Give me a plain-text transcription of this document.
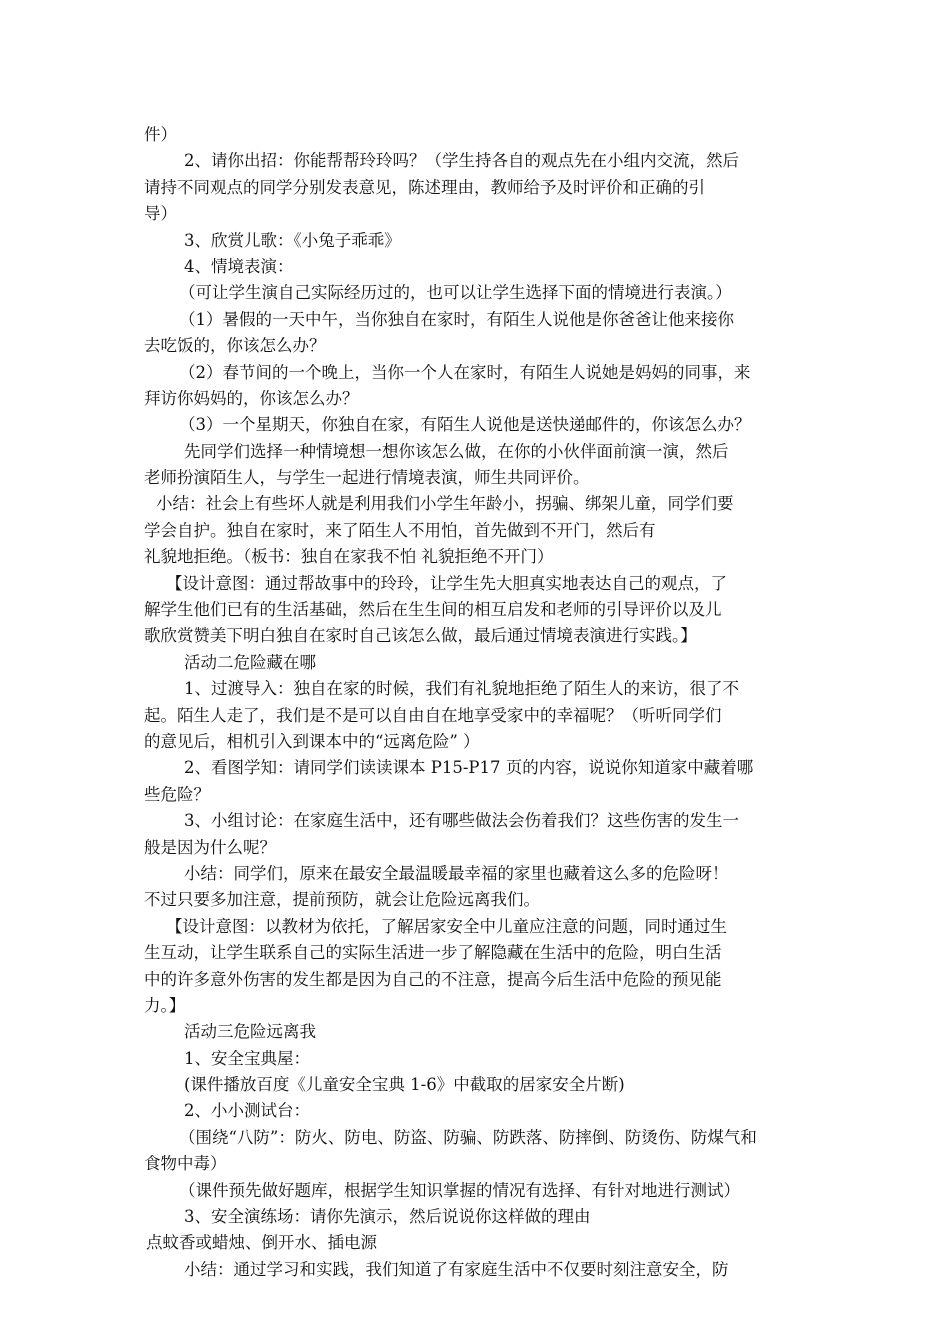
件）
2、请你出招：你能帮帮玲玲吗？（学生持各自的观点先在小组内交流，然后
请持不同观点的同学分别发表意见，陈述理由，教师给予及时评价和正确的引
导）
3、欣赏儿歌：《小兔子乖乖》
4、情境表演：
（可让学生演自己实际经历过的，也可以让学生选择下面的情境进行表演。）
（1）暑假的一天中午，当你独自在家时，有陌生人说他是你爸爸让他来接你
去吃饭的，你该怎么办？
（2）春节间的一个晚上，当你一个人在家时，有陌生人说她是妈妈的同事，来
拜访你妈妈的，你该怎么办？
（3）一个星期天，你独自在家，有陌生人说他是送快递邮件的，你该怎么办？
先同学们选择一种情境想一想你该怎么做，在你的小伙伴面前演一演，然后
老师扮演陌生人，与学生一起进行情境表演，师生共同评价。
小结：社会上有些坏人就是利用我们小学生年龄小，拐骗、绑架儿童，同学们要
学会自护。独自在家时，来了陌生人不用怕，首先做到不开门，然后有
礼貌地拒绝。（板书：独自在家我不怕 礼貌拒绝不开门）
【设计意图：通过帮故事中的玲玲，让学生先大胆真实地表达自己的观点，了
解学生他们已有的生活基础，然后在生生间的相互启发和老师的引导评价以及儿
歌欣赏赞美下明白独自在家时自己该怎么做，最后通过情境表演进行实践。】
活动二危险藏在哪
1、过渡导入：独自在家的时候，我们有礼貌地拒绝了陌生人的来访，很了不
起。陌生人走了，我们是不是可以自由自在地享受家中的幸福呢？（听听同学们
的意见后，相机引入到课本中的“远离危险” ）
2、看图学知：请同学们读读课本 P15-P17 页的内容，说说你知道家中藏着哪
些危险？
3、小组讨论：在家庭生活中，还有哪些做法会伤着我们？这些伤害的发生一
般是因为什么呢？
小结：同学们，原来在最安全最温暖最幸福的家里也藏着这么多的危险呀！
不过只要多加注意，提前预防，就会让危险远离我们。
【设计意图：以教材为依托，了解居家安全中儿童应注意的问题，同时通过生
生互动，让学生联系自己的实际生活进一步了解隐藏在生活中的危险，明白生活
中的许多意外伤害的发生都是因为自己的不注意，提高今后生活中危险的预见能
力。】
活动三危险远离我
1、安全宝典屋：
(课件播放百度《儿童安全宝典 1-6》中截取的居家安全片断)
2、小小测试台：
（围绕“八防”：防火、防电、防盗、防骗、防跌落、防摔倒、防烫伤、防煤气和
食物中毒）
（课件预先做好题库，根据学生知识掌握的情况有选择、有针对地进行测试）
3、安全演练场：请你先演示，然后说说你这样做的理由
点蚊香或蜡烛、倒开水、插电源
小结：通过学习和实践，我们知道了有家庭生活中不仅要时刻注意安全，防
